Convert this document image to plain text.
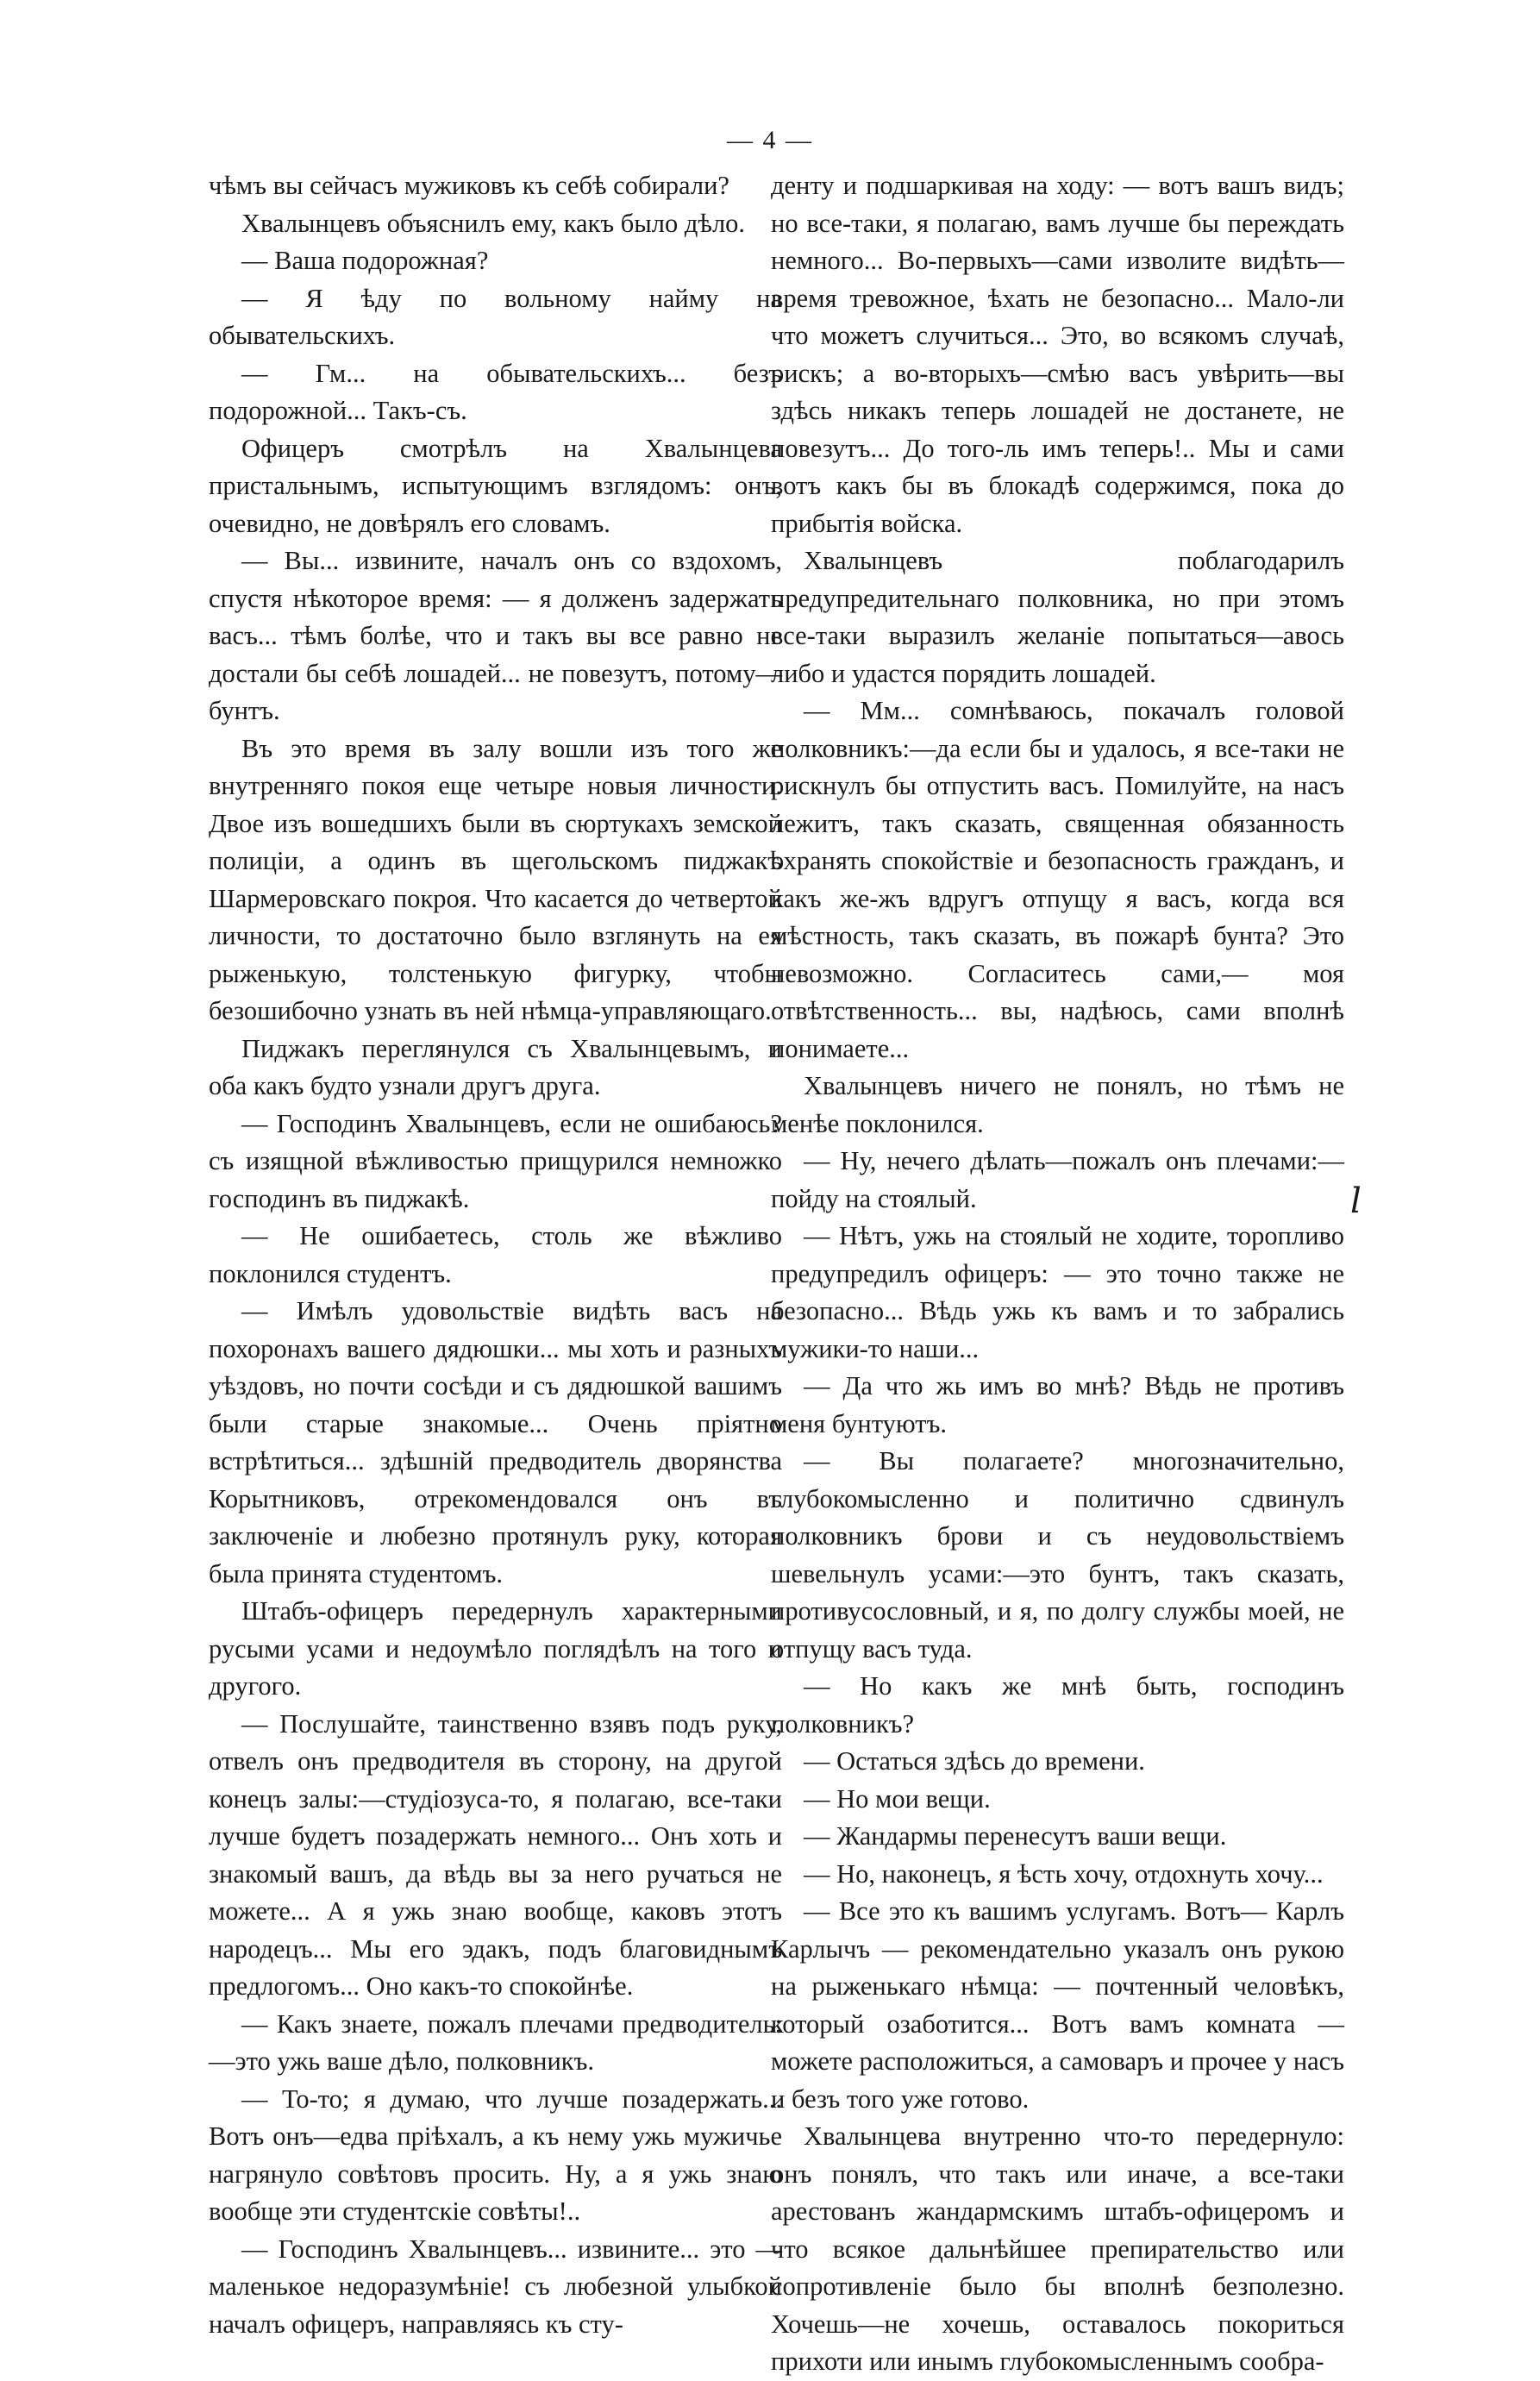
— 4 —

чѣмъ вы сейчасъ мужиковъ къ себѣ собирали?

Хвалынцевъ объяснилъ ему, какъ было дѣло.

— Ваша подорожная?

— Я ѣду по вольному найму на обывательскихъ.

— Гм... на обывательскихъ... безъ подорожной... Такъ-съ.

Офицеръ смотрѣлъ на Хвалынцева пристальнымъ, испытующимъ взглядомъ: онъ, очевидно, не довѣрялъ его словамъ.

— Вы... извините, началъ онъ со вздохомъ, спустя нѣкоторое время: — я долженъ задержать васъ... тѣмъ болѣе, что и такъ вы все равно не достали бы себѣ лошадей... не повезутъ, потому—бунтъ.

Въ это время въ залу вошли изъ того же внутренняго покоя еще четыре новыя личности. Двое изъ вошедшихъ были въ сюртукахъ земской полиціи, а одинъ въ щегольскомъ пиджакѣ Шармеровскаго покроя. Что касается до четвертой личности, то достаточно было взглянуть на ея рыженькую, толстенькую фигурку, чтобы безошибочно узнать въ ней нѣмца-управляющаго.

Пиджакъ переглянулся съ Хвалынцевымъ, и оба какъ будто узнали другъ друга.

— Господинъ Хвалынцевъ, если не ошибаюсь? съ изящной вѣжливостью прищурился немножко господинъ въ пиджакѣ.

— Не ошибаетесь, столь же вѣжливо поклонился студентъ.

— Имѣлъ удовольствіе видѣть васъ на похоронахъ вашего дядюшки... мы хоть и разныхъ уѣздовъ, но почти сосѣди и съ дядюшкой вашимъ были старые знакомые... Очень пріятно встрѣтиться... здѣшній предводитель дворянства Корытниковъ, отрекомендовался онъ въ заключеніе и любезно протянулъ руку, которая была принята студентомъ.

Штабъ-офицеръ передернулъ характерными русыми усами и недоумѣло поглядѣлъ на того и другого.

— Послушайте, таинственно взявъ подъ руку, отвелъ онъ предводителя въ сторону, на другой конецъ залы:—студіозуса-то, я полагаю, все-таки лучше будетъ позадержать немного... Онъ хоть и знакомый вашъ, да вѣдь вы за него ручаться не можете... А я ужь знаю вообще, каковъ этотъ народецъ... Мы его эдакъ, подъ благовиднымъ предлогомъ... Оно какъ-то спокойнѣе.

— Какъ знаете, пожалъ плечами предводитель:—это ужь ваше дѣло, полковникъ.

— То-то; я думаю, что лучше позадержать... Вотъ онъ—едва пріѣхалъ, а къ нему ужь мужичье нагрянуло совѣтовъ просить. Ну, а я ужь знаю вообще эти студентскіе совѣты!..

— Господинъ Хвалынцевъ... извините... это — маленькое недоразумѣніе! съ любезной улыбкой началъ офицеръ, направляясь къ сту-

денту и подшаркивая на ходу: — вотъ вашъ видъ; но все-таки, я полагаю, вамъ лучше бы переждать немного... Во-первыхъ—сами изволите видѣть—время тревожное, ѣхать не безопасно... Мало-ли что можетъ случиться... Это, во всякомъ случаѣ, рискъ; а во-вторыхъ—смѣю васъ увѣрить—вы здѣсь никакъ теперь лошадей не достанете, не повезутъ... До того-ль имъ теперь!.. Мы и сами вотъ какъ бы въ блокадѣ содержимся, пока до прибытія войска.

Хвалынцевъ поблагодарилъ предупредительнаго полковника, но при этомъ все-таки выразилъ желаніе попытаться—авось либо и удастся порядить лошадей.

— Мм... сомнѣваюсь, покачалъ головой полковникъ:—да если бы и удалось, я все-таки не рискнулъ бы отпустить васъ. Помилуйте, на насъ лежитъ, такъ сказать, священная обязанность охранять спокойствіе и безопасность гражданъ, и какъ же-жъ вдругъ отпущу я васъ, когда вся мѣстность, такъ сказать, въ пожарѣ бунта? Это невозможно. Согласитесь сами,— моя отвѣтственность... вы, надѣюсь, сами вполнѣ понимаете...

Хвалынцевъ ничего не понялъ, но тѣмъ не менѣе поклонился.

— Ну, нечего дѣлать—пожалъ онъ плечами:—пойду на стоялый.

— Нѣтъ, ужь на стоялый не ходите, торопливо предупредилъ офицеръ: — это точно также не безопасно... Вѣдь ужь къ вамъ и то забрались мужики-то наши...

— Да что жь имъ во мнѣ? Вѣдь не противъ меня бунтуютъ.

— Вы полагаете? многозначительно, глубокомысленно и политично сдвинулъ полковникъ брови и съ неудовольствіемъ шевельнулъ усами:—это бунтъ, такъ сказать, противусословный, и я, по долгу службы моей, не отпущу васъ туда.

— Но какъ же мнѣ быть, господинъ полковникъ?

— Остаться здѣсь до времени.

— Но мои вещи.

— Жандармы перенесутъ ваши вещи.

— Но, наконецъ, я ѣсть хочу, отдохнуть хочу...

— Все это къ вашимъ услугамъ. Вотъ— Карлъ Карлычъ — рекомендательно указалъ онъ рукою на рыженькаго нѣмца: — почтенный человѣкъ, который озаботится... Вотъ вамъ комната — можете расположиться, а самоваръ и прочее у насъ и безъ того уже готово.

Хвалынцева внутренно что-то передернуло: онъ понялъ, что такъ или иначе, а все-таки арестованъ жандармскимъ штабъ-офицеромъ и что всякое дальнѣйшее препирательство или сопротивленіе было бы вполнѣ безполезно. Хочешь—не хочешь, оставалось покориться прихоти или инымъ глубокомысленнымъ сообра-

l
